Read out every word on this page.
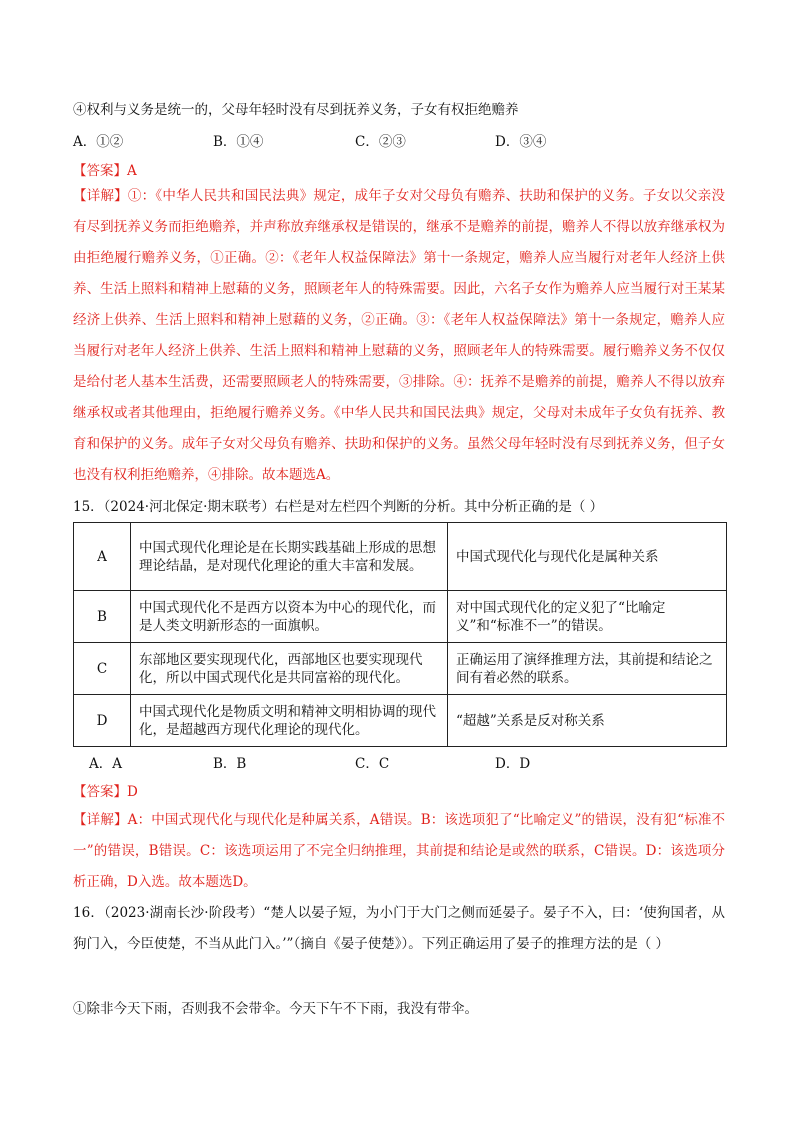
④权利与义务是统一的，父母年轻时没有尽到抚养义务，子女有权拒绝赡养
A．①②	B．①④	C．②③	D．③④
【答案】A
【详解】①：《中华人民共和国民法典》规定，成年子女对父母负有赡养、扶助和保护的义务。子女以父亲没有尽到抚养义务而拒绝赡养，并声称放弃继承权是错误的，继承不是赡养的前提，赡养人不得以放弃继承权为由拒绝履行赡养义务，①正确。②：《老年人权益保障法》第十一条规定，赡养人应当履行对老年人经济上供养、生活上照料和精神上慰藉的义务，照顾老年人的特殊需要。因此，六名子女作为赡养人应当履行对王某某经济上供养、生活上照料和精神上慰藉的义务，②正确。③：《老年人权益保障法》第十一条规定，赡养人应当履行对老年人经济上供养、生活上照料和精神上慰藉的义务，照顾老年人的特殊需要。履行赡养义务不仅仅是给付老人基本生活费，还需要照顾老人的特殊需要，③排除。④：抚养不是赡养的前提，赡养人不得以放弃继承权或者其他理由，拒绝履行赡养义务。《中华人民共和国民法典》规定，父母对未成年子女负有抚养、教育和保护的义务。成年子女对父母负有赡养、扶助和保护的义务。虽然父母年轻时没有尽到抚养义务，但子女也没有权利拒绝赡养，④排除。故本题选A。
15．（2024·河北保定·期末联考）右栏是对左栏四个判断的分析。其中分析正确的是（ ）
A	中国式现代化理论是在长期实践基础上形成的思想理论结晶，是对现代化理论的重大丰富和发展。	中国式现代化与现代化是属种关系
B	中国式现代化不是西方以资本为中心的现代化，而是人类文明新形态的一面旗帜。	对中国式现代化的定义犯了“比喻定义”和“标准不一”的错误。
C	东部地区要实现现代化，西部地区也要实现现代化，所以中国式现代化是共同富裕的现代化。	正确运用了演绎推理方法，其前提和结论之间有着必然的联系。
D	中国式现代化是物质文明和精神文明相协调的现代化，是超越西方现代化理论的现代化。	“超越”关系是反对称关系
A．A	B．B	C．C	D．D
【答案】D
【详解】A：中国式现代化与现代化是种属关系，A错误。B：该选项犯了“比喻定义”的错误，没有犯“标准不一”的错误，B错误。C：该选项运用了不完全归纳推理，其前提和结论是或然的联系，C错误。D：该选项分析正确，D入选。故本题选D。
16．（2023·湖南长沙·阶段考）“楚人以晏子短，为小门于大门之侧而延晏子。晏子不入，曰：‘使狗国者，从狗门入，今臣使楚，不当从此门入。’”（摘自《晏子使楚》）。下列正确运用了晏子的推理方法的是（ ）
①除非今天下雨，否则我不会带伞。今天下午不下雨，我没有带伞。
